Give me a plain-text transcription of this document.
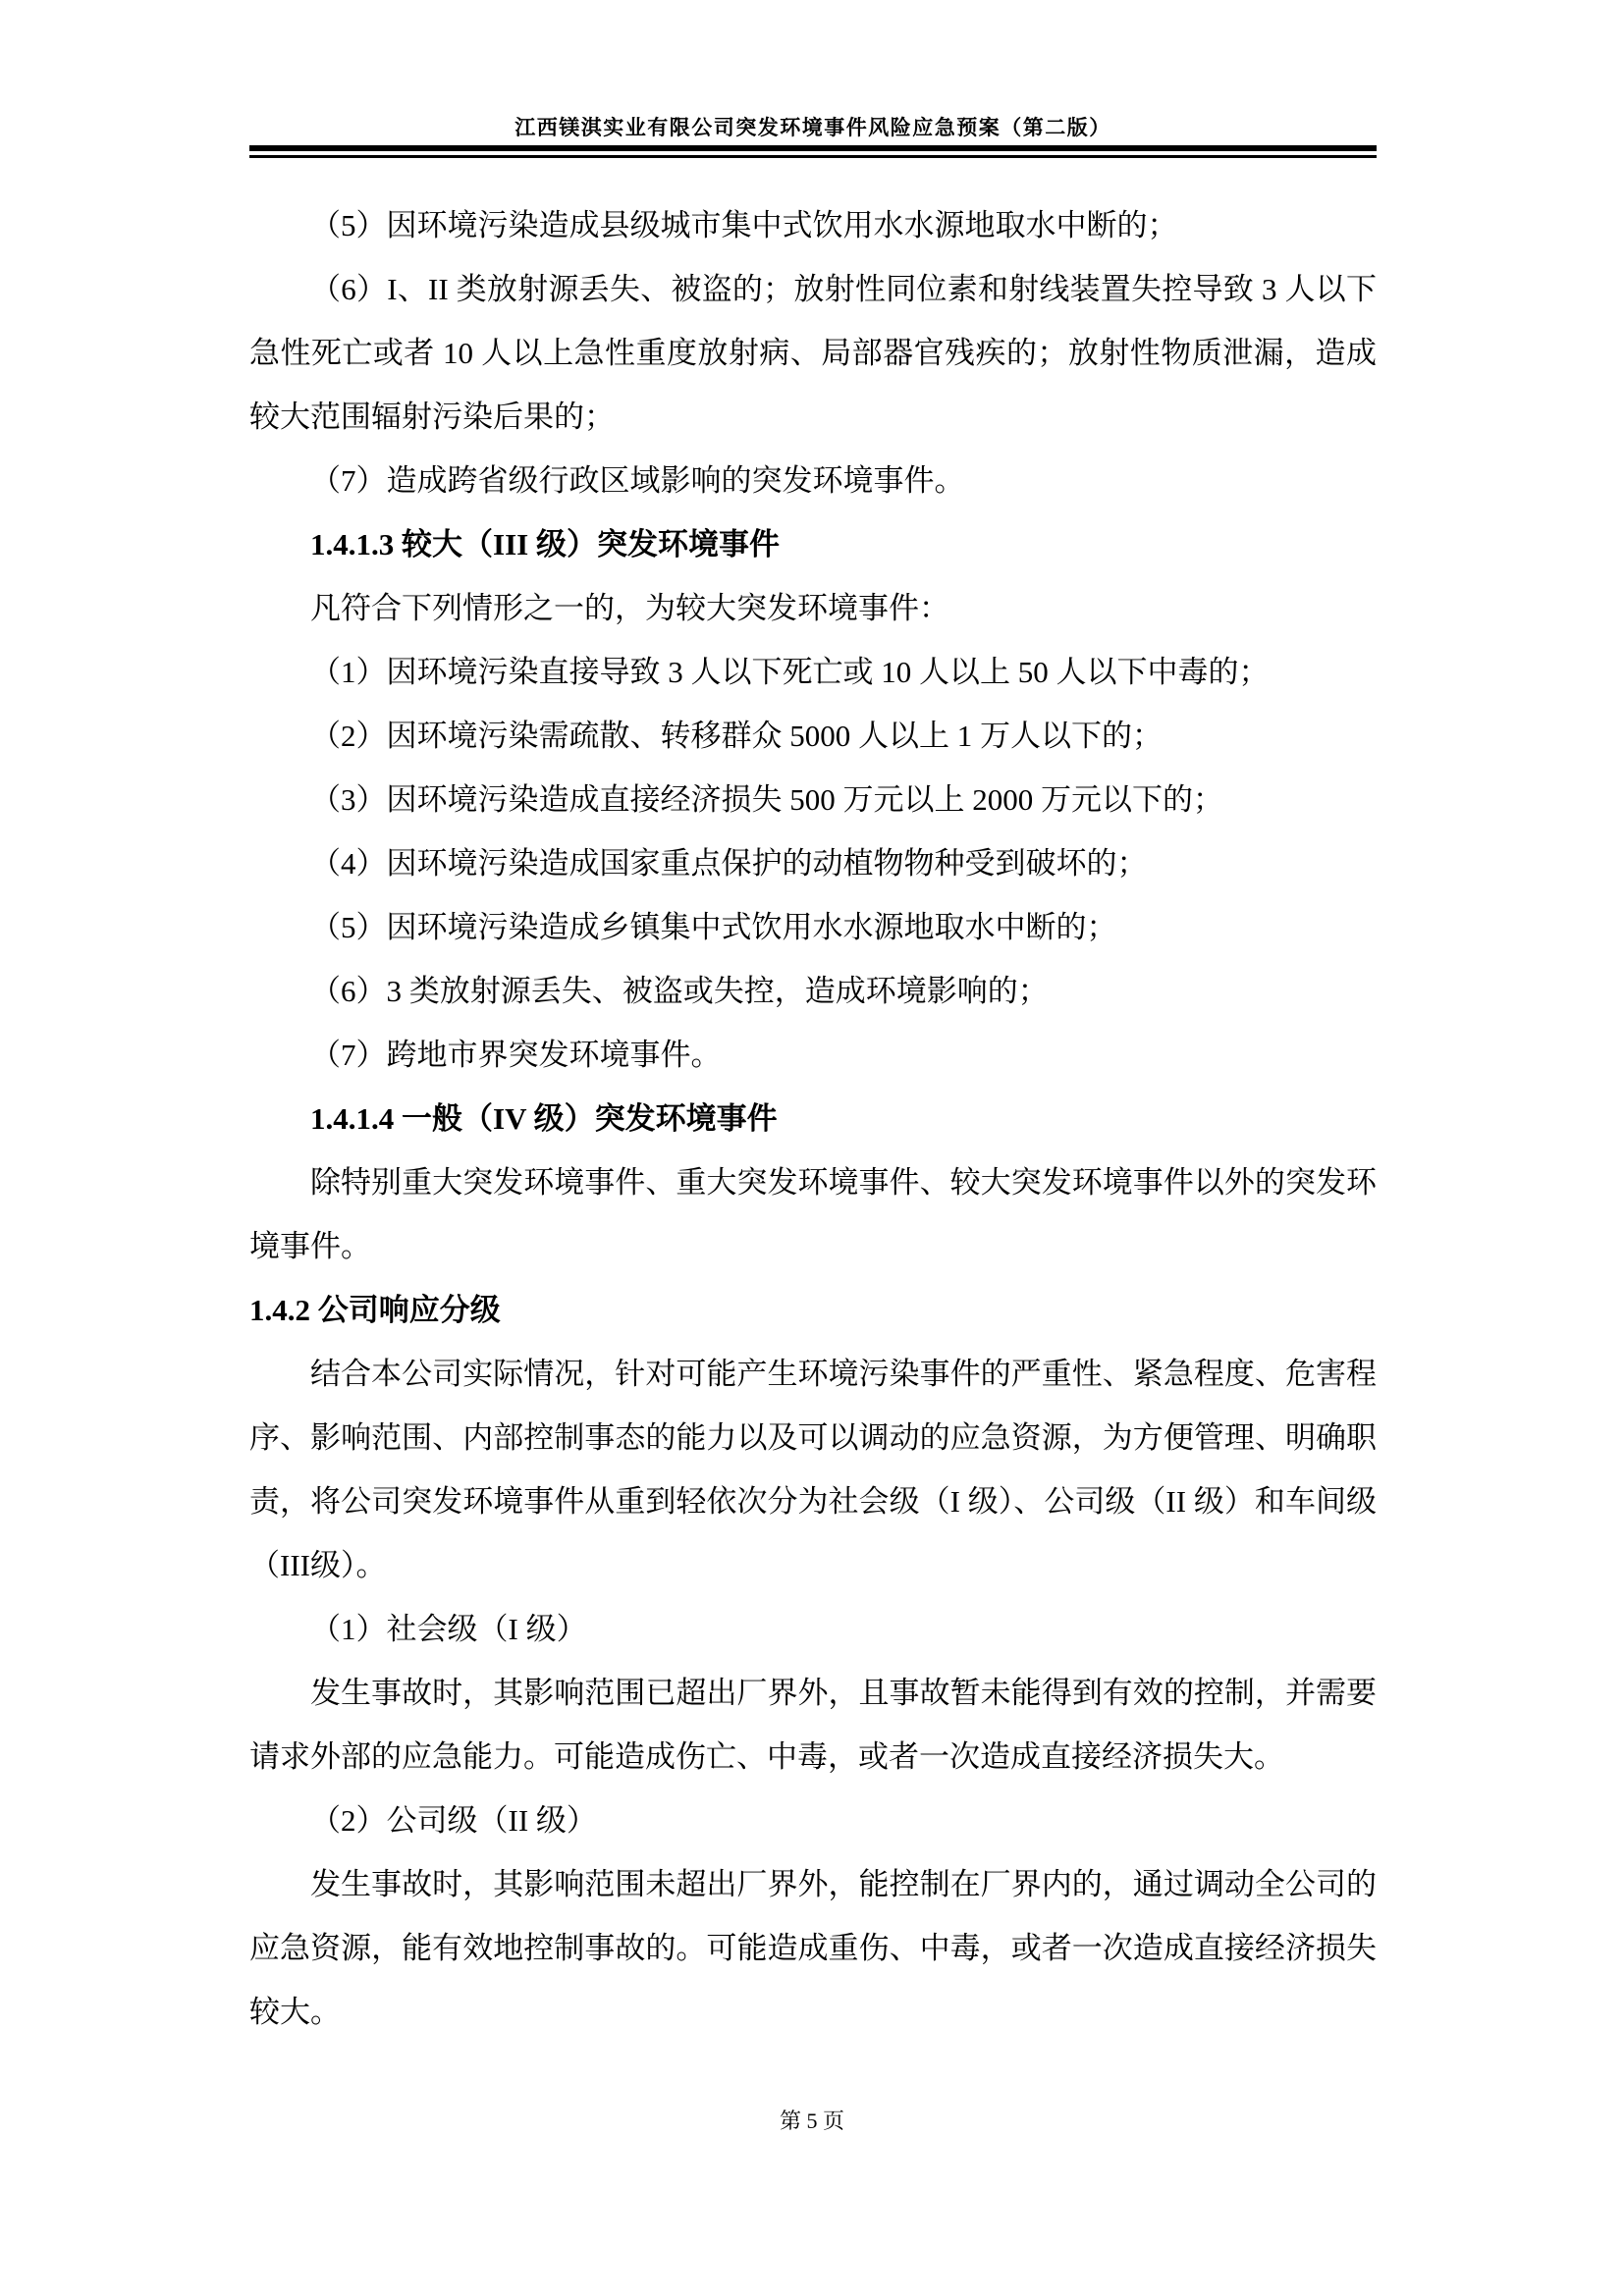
江西镁淇实业有限公司突发环境事件风险应急预案（第二版）

（5）因环境污染造成县级城市集中式饮用水水源地取水中断的；

（6）I、II 类放射源丢失、被盗的；放射性同位素和射线装置失控导致 3 人以下急性死亡或者 10 人以上急性重度放射病、局部器官残疾的；放射性物质泄漏，造成较大范围辐射污染后果的；

（7）造成跨省级行政区域影响的突发环境事件。

1.4.1.3 较大（III 级）突发环境事件

凡符合下列情形之一的，为较大突发环境事件：

（1）因环境污染直接导致 3 人以下死亡或 10 人以上 50 人以下中毒的；

（2）因环境污染需疏散、转移群众 5000 人以上 1 万人以下的；

（3）因环境污染造成直接经济损失 500 万元以上 2000 万元以下的；

（4）因环境污染造成国家重点保护的动植物物种受到破坏的；

（5）因环境污染造成乡镇集中式饮用水水源地取水中断的；

（6）3 类放射源丢失、被盗或失控，造成环境影响的；

（7）跨地市界突发环境事件。

1.4.1.4 一般（IV 级）突发环境事件

除特别重大突发环境事件、重大突发环境事件、较大突发环境事件以外的突发环境事件。

1.4.2 公司响应分级

结合本公司实际情况，针对可能产生环境污染事件的严重性、紧急程度、危害程序、影响范围、内部控制事态的能力以及可以调动的应急资源，为方便管理、明确职责，将公司突发环境事件从重到轻依次分为社会级（I 级）、公司级（II 级）和车间级（III级）。

（1）社会级（I 级）

发生事故时，其影响范围已超出厂界外，且事故暂未能得到有效的控制，并需要请求外部的应急能力。可能造成伤亡、中毒，或者一次造成直接经济损失大。

（2）公司级（II 级）

发生事故时，其影响范围未超出厂界外，能控制在厂界内的，通过调动全公司的应急资源，能有效地控制事故的。可能造成重伤、中毒，或者一次造成直接经济损失较大。

第 5 页
